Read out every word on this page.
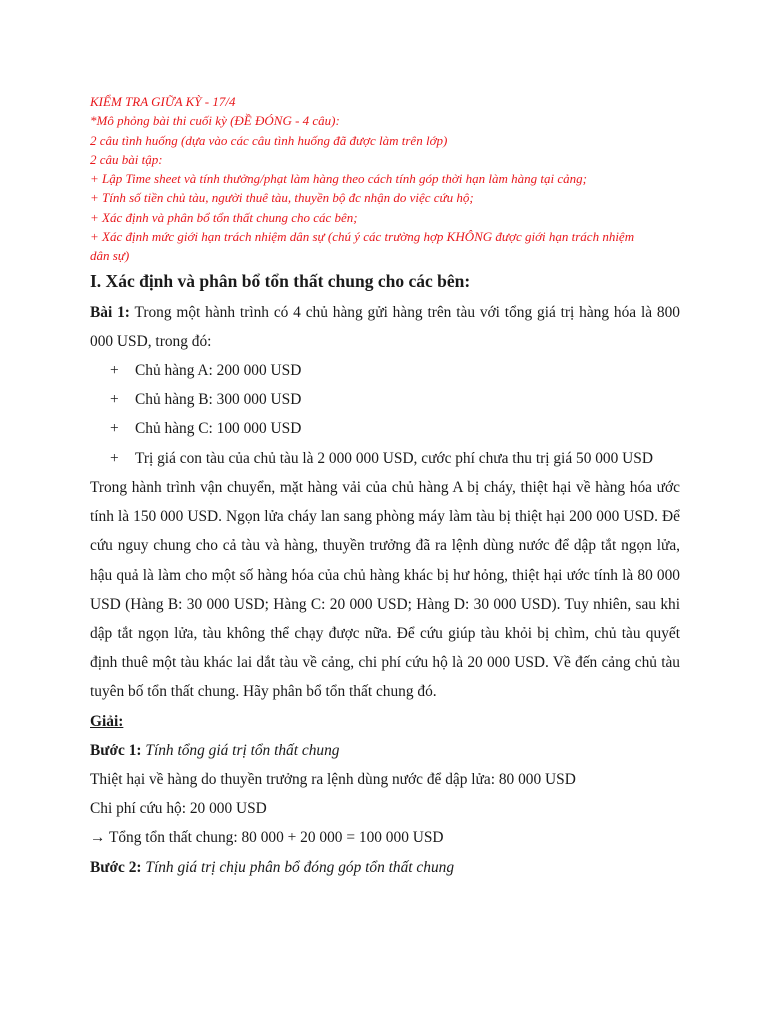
KIỂM TRA GIỮA KỲ - 17/4
*Mô phỏng bài thi cuối kỳ (ĐỀ ĐÓNG - 4 câu):
2 câu tình huống (dựa vào các câu tình huống đã được làm trên lớp)
2 câu bài tập:
+ Lập Time sheet và tính thưởng/phạt làm hàng theo cách tính góp thời hạn làm hàng tại cảng;
+ Tính số tiền chủ tàu, người thuê tàu, thuyền bộ đc nhận do việc cứu hộ;
+ Xác định và phân bổ tổn thất chung cho các bên;
+ Xác định mức giới hạn trách nhiệm dân sự (chú ý các trường hợp KHÔNG được giới hạn trách nhiệm
dân sự)
I. Xác định và phân bổ tổn thất chung cho các bên:

Bài 1: Trong một hành trình có 4 chủ hàng gửi hàng trên tàu với tổng giá trị hàng hóa là 800 000 USD, trong đó:

+ Chủ hàng A: 200 000 USD
+ Chủ hàng B: 300 000 USD
+ Chủ hàng C: 100 000 USD
+ Trị giá con tàu của chủ tàu là 2 000 000 USD, cước phí chưa thu trị giá 50 000 USD

Trong hành trình vận chuyển, mặt hàng vải của chủ hàng A bị cháy, thiệt hại về hàng hóa ước tính là 150 000 USD. Ngọn lửa cháy lan sang phòng máy làm tàu bị thiệt hại 200 000 USD. Để cứu nguy chung cho cả tàu và hàng, thuyền trưởng đã ra lệnh dùng nước để dập tắt ngọn lửa, hậu quả là làm cho một số hàng hóa của chủ hàng khác bị hư hỏng, thiệt hại ước tính là 80 000 USD (Hàng B: 30 000 USD; Hàng C: 20 000 USD; Hàng D: 30 000 USD). Tuy nhiên, sau khi dập tắt ngọn lửa, tàu không thể chạy được nữa. Để cứu giúp tàu khỏi bị chìm, chủ tàu quyết định thuê một tàu khác lai dắt tàu về cảng, chi phí cứu hộ là 20 000 USD. Về đến cảng chủ tàu tuyên bố tổn thất chung. Hãy phân bổ tổn thất chung đó.

Giải:
Bước 1: Tính tổng giá trị tổn thất chung
Thiệt hại về hàng do thuyền trưởng ra lệnh dùng nước để dập lửa: 80 000 USD
Chi phí cứu hộ: 20 000 USD
→ Tổng tổn thất chung: 80 000 + 20 000 = 100 000 USD
Bước 2: Tính giá trị chịu phân bổ đóng góp tổn thất chung
